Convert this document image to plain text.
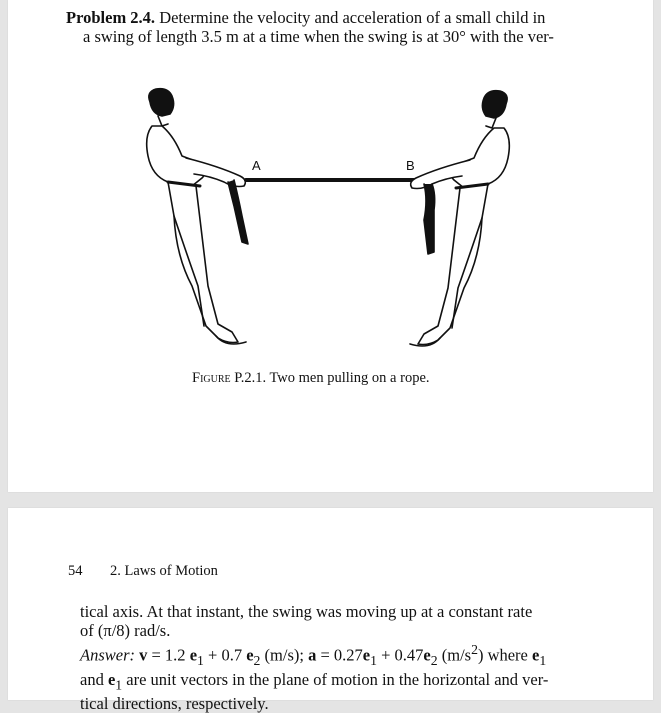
Problem 2.4. Determine the velocity and acceleration of a small child in
a swing of length 3.5 m at a time when the swing is at 30° with the ver-
A	B
Figure P.2.1. Two men pulling on a rope.
54 2. Laws of Motion
tical axis. At that instant, the swing was moving up at a constant rate
of (π/8) rad/s.
Answer: v = 1.2 $e_1 + 0.7$ $e_2$ (m/s); $a = 0.27e_1 + 0.47e_2$ $(m/s^2)$ where $e_1$
and $e_1$ are unit vectors in the plane of motion in the horizontal and ver-
tical directions, respectively.
